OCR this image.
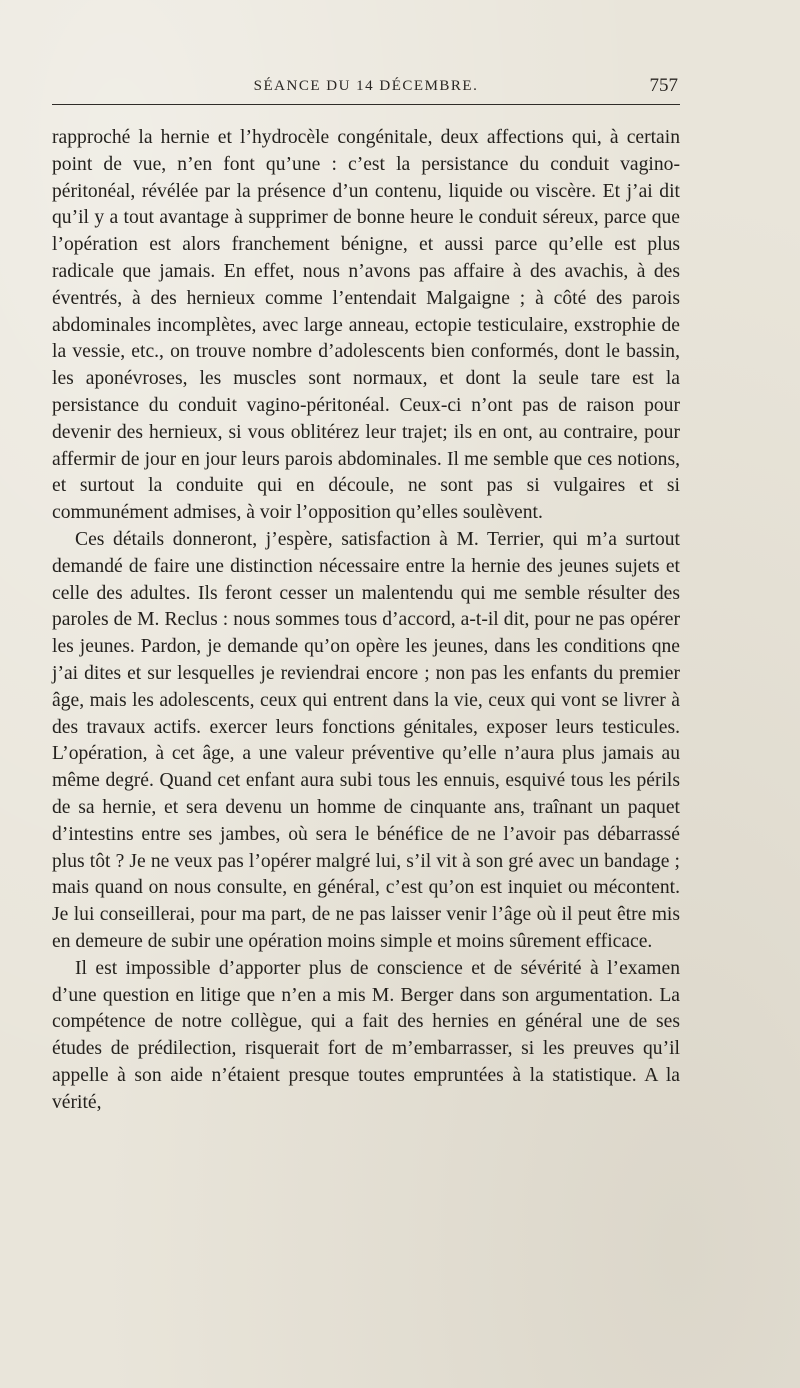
SÉANCE DU 14 DÉCEMBRE.	757

rapproché la hernie et l’hydrocèle congénitale, deux affections qui, à certain point de vue, n’en font qu’une : c’est la persistance du conduit vagino-péritonéal, révélée par la présence d’un contenu, liquide ou viscère. Et j’ai dit qu’il y a tout avantage à supprimer de bonne heure le conduit séreux, parce que l’opération est alors franchement bénigne, et aussi parce qu’elle est plus radicale que jamais. En effet, nous n’avons pas affaire à des avachis, à des éventrés, à des hernieux comme l’entendait Malgaigne ; à côté des parois abdominales incomplètes, avec large anneau, ectopie testiculaire, exstrophie de la vessie, etc., on trouve nombre d’adolescents bien conformés, dont le bassin, les aponévroses, les muscles sont normaux, et dont la seule tare est la persistance du conduit vagino-péritonéal. Ceux-ci n’ont pas de raison pour devenir des hernieux, si vous oblitérez leur trajet; ils en ont, au contraire, pour affermir de jour en jour leurs parois abdominales. Il me semble que ces notions, et surtout la conduite qui en découle, ne sont pas si vulgaires et si communément admises, à voir l’opposition qu’elles soulèvent.

Ces détails donneront, j’espère, satisfaction à M. Terrier, qui m’a surtout demandé de faire une distinction nécessaire entre la hernie des jeunes sujets et celle des adultes. Ils feront cesser un malentendu qui me semble résulter des paroles de M. Reclus : nous sommes tous d’accord, a-t-il dit, pour ne pas opérer les jeunes. Pardon, je demande qu’on opère les jeunes, dans les conditions qne j’ai dites et sur lesquelles je reviendrai encore ; non pas les enfants du premier âge, mais les adolescents, ceux qui entrent dans la vie, ceux qui vont se livrer à des travaux actifs. exercer leurs fonctions génitales, exposer leurs testicules. L’opération, à cet âge, a une valeur préventive qu’elle n’aura plus jamais au même degré. Quand cet enfant aura subi tous les ennuis, esquivé tous les périls de sa hernie, et sera devenu un homme de cinquante ans, traînant un paquet d’intestins entre ses jambes, où sera le bénéfice de ne l’avoir pas débarrassé plus tôt ? Je ne veux pas l’opérer malgré lui, s’il vit à son gré avec un bandage ; mais quand on nous consulte, en général, c’est qu’on est inquiet ou mécontent. Je lui conseillerai, pour ma part, de ne pas laisser venir l’âge où il peut être mis en demeure de subir une opération moins simple et moins sûrement efficace.

Il est impossible d’apporter plus de conscience et de sévérité à l’examen d’une question en litige que n’en a mis M. Berger dans son argumentation. La compétence de notre collègue, qui a fait des hernies en général une de ses études de prédilection, risquerait fort de m’embarrasser, si les preuves qu’il appelle à son aide n’étaient presque toutes empruntées à la statistique. A la vérité,
